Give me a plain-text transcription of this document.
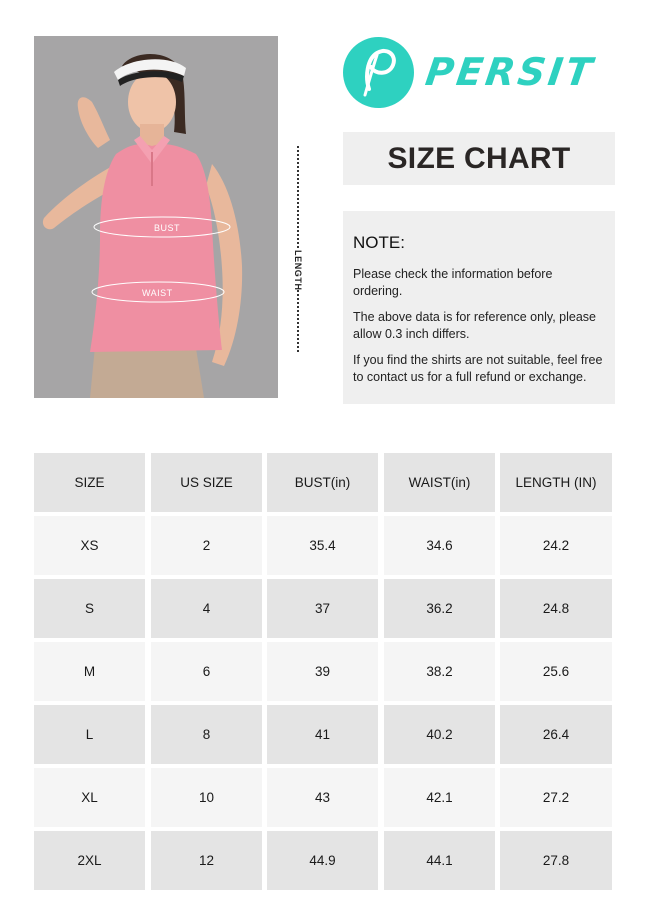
BUST
WAIST
LENGTH
PERSIT
SIZE CHART
NOTE:
Please check the information before ordering.
The above data is for reference only, please allow 0.3 inch differs.
If you find the shirts are not suitable, feel free to contact us for a full refund or exchange.
SIZE	US SIZE	BUST(in)	WAIST(in)	LENGTH (IN)
XS	2	35.4	34.6	24.2
S	4	37	36.2	24.8
M	6	39	38.2	25.6
L	8	41	40.2	26.4
XL	10	43	42.1	27.2
2XL	12	44.9	44.1	27.8
